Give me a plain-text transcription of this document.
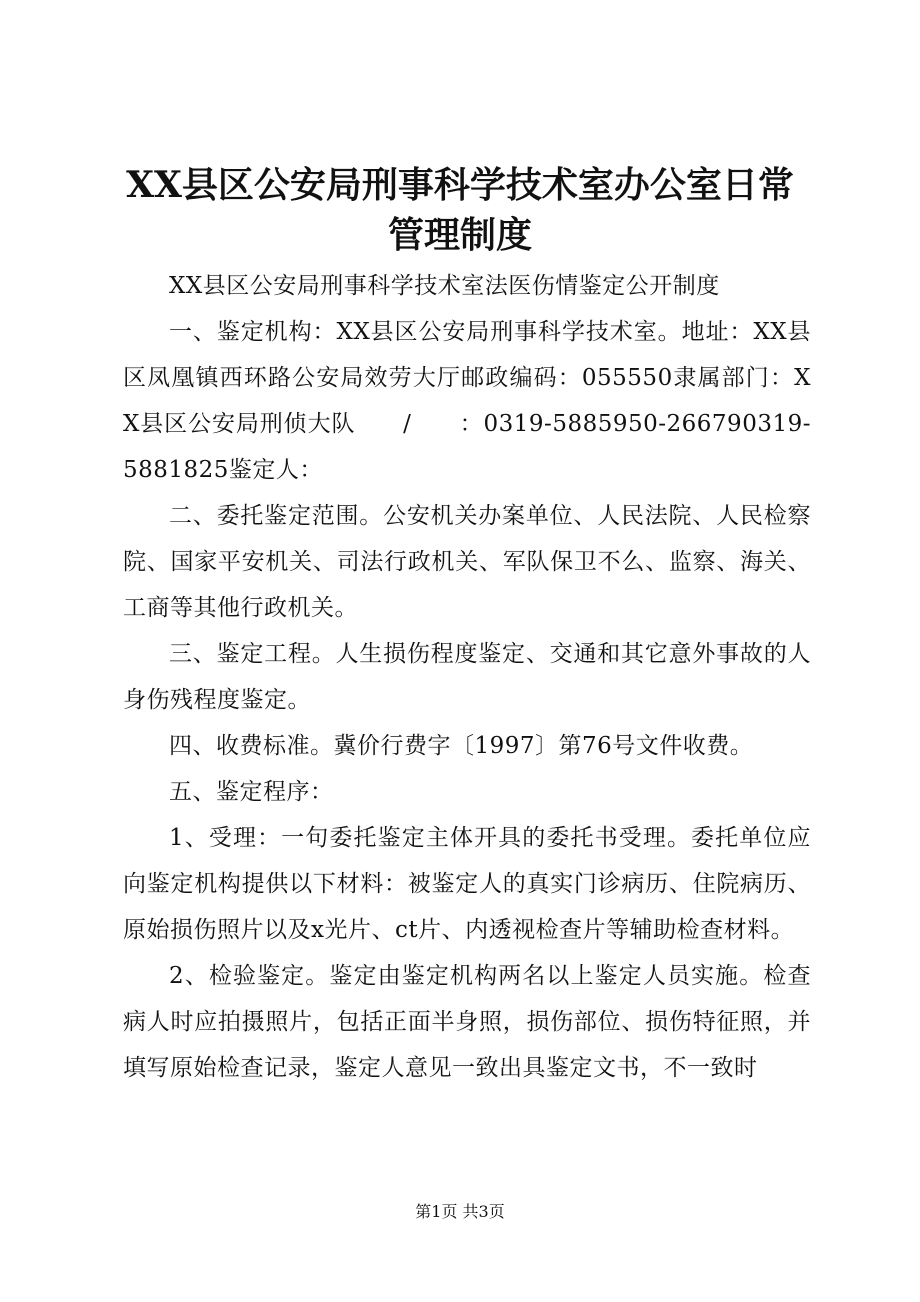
XX县区公安局刑事科学技术室办公室日常管理制度

XX县区公安局刑事科学技术室法医伤情鉴定公开制度

一、鉴定机构：XX县区公安局刑事科学技术室。地址：XX县区凤凰镇西环路公安局效劳大厅邮政编码：055550隶属部门：XX县区公安局刑侦大队　　/　　：0319-5885950-266790319-5881825鉴定人：

二、委托鉴定范围。公安机关办案单位、人民法院、人民检察院、国家平安机关、司法行政机关、军队保卫不么、监察、海关、工商等其他行政机关。

三、鉴定工程。人生损伤程度鉴定、交通和其它意外事故的人身伤残程度鉴定。

四、收费标准。冀价行费字〔1997〕第76号文件收费。

五、鉴定程序：

1、受理：一句委托鉴定主体开具的委托书受理。委托单位应向鉴定机构提供以下材料：被鉴定人的真实门诊病历、住院病历、原始损伤照片以及x光片、ct片、内透视检查片等辅助检查材料。

2、检验鉴定。鉴定由鉴定机构两名以上鉴定人员实施。检查病人时应拍摄照片，包括正面半身照，损伤部位、损伤特征照，并填写原始检查记录，鉴定人意见一致出具鉴定文书，不一致时

第1页 共3页
